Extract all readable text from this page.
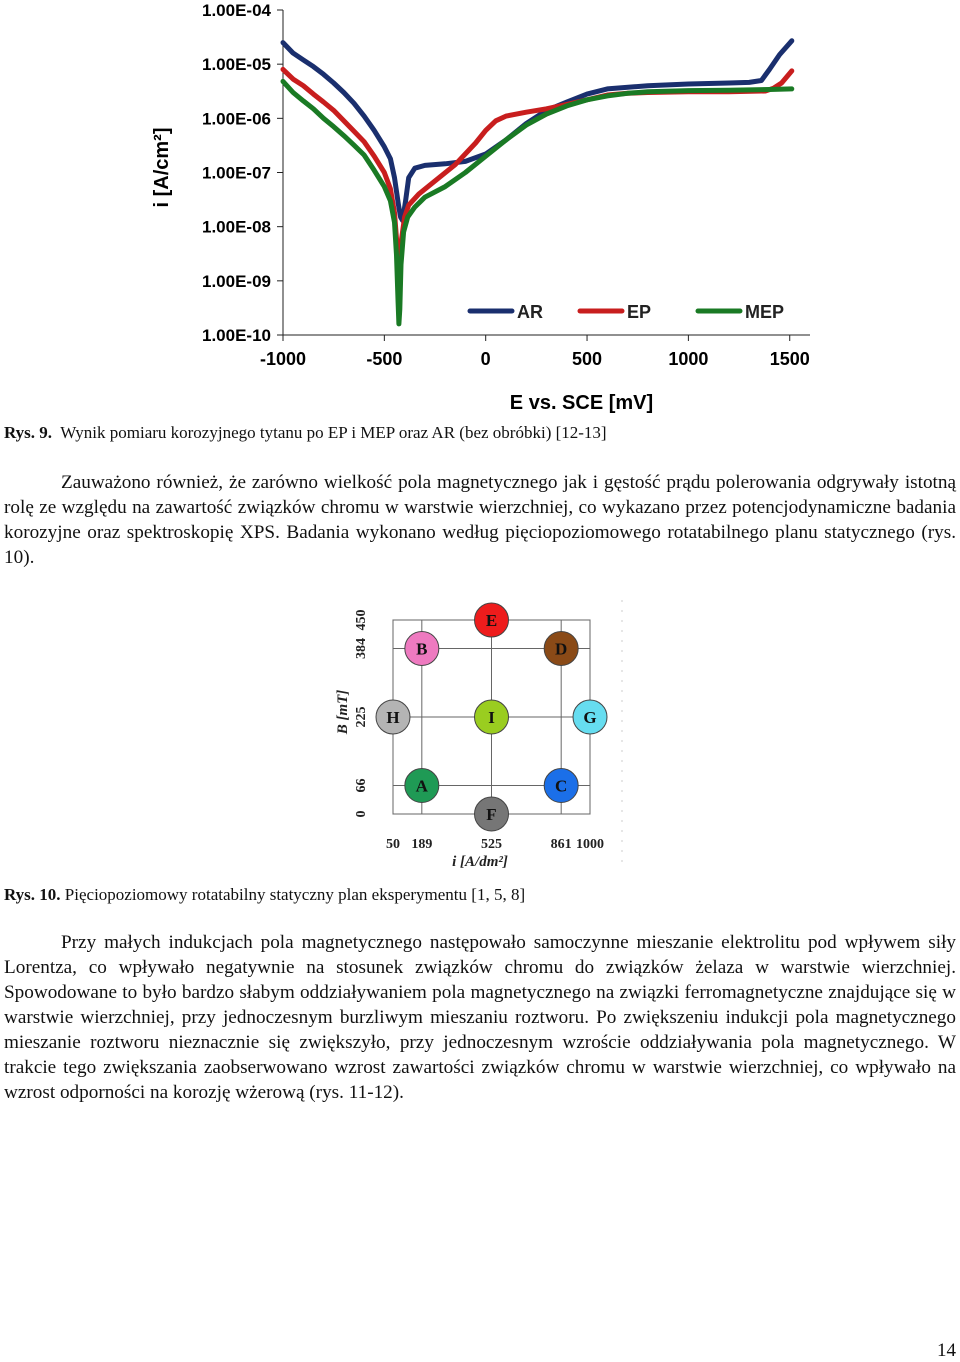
1.00E-04
1.00E-05
1.00E-06
1.00E-07
1.00E-08
1.00E-09
1.00E-10
-1000	-500	0	500	1000	1500
E vs. SCE [mV]
i [A/cm²]
AR	EP	MEP
Rys. 9. Wynik pomiaru korozyjnego tytanu po EP i MEP oraz AR (bez obróbki) [12-13]

Zauważono również, że zarówno wielkość pola magnetycznego jak i gęstość prądu polerowania odgrywały istotną rolę ze względu na zawartość związków chromu w warstwie wierzchniej, co wykazano przez potencjodynamiczne badania korozyjne oraz spektroskopię XPS. Badania wykonano według pięciopoziomowego rotatabilnego planu statycznego (rys. 10).

50 189	525	861 1000
0
66
225
384
450
i [A/dm²]
B [mT]
E
B	D
H	I	G
A	C
F
Rys. 10. Pięciopoziomowy rotatabilny statyczny plan eksperymentu [1, 5, 8]

Przy małych indukcjach pola magnetycznego następowało samoczynne mieszanie elektrolitu pod wpływem siły Lorentza, co wpływało negatywnie na stosunek związków chromu do związków żelaza w warstwie wierzchniej. Spowodowane to było bardzo słabym oddziaływaniem pola magnetycznego na związki ferromagnetyczne znajdujące się w warstwie wierzchniej, przy jednoczesnym burzliwym mieszaniu roztworu. Po zwiększeniu indukcji pola magnetycznego mieszanie roztworu nieznacznie się zwiększyło, przy jednoczesnym wzroście oddziaływania pola magnetycznego. W trakcie tego zwiększania zaobserwowano wzrost zawartości związków chromu w warstwie wierzchniej, co wpływało na wzrost odporności na korozję wżerową (rys. 11-12).

14
